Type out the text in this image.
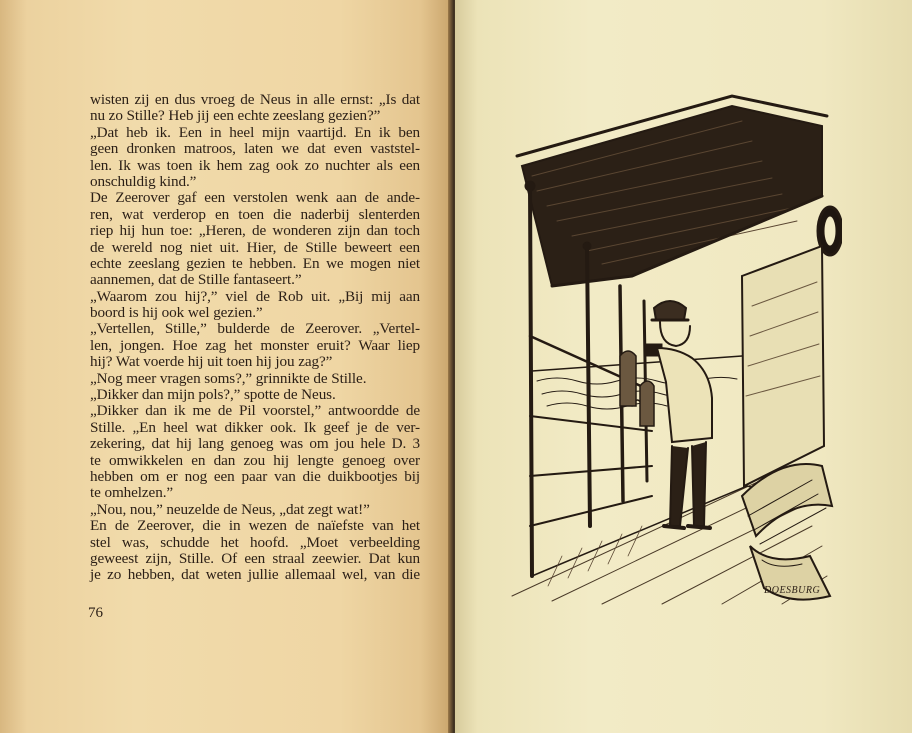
wisten zij en dus vroeg de Neus in alle ernst: „Is dat
nu zo Stille? Heb jij een echte zeeslang gezien?”
„Dat heb ik. Een in heel mijn vaartijd. En ik ben
geen dronken matroos, laten we dat even vaststel-
len. Ik was toen ik hem zag ook zo nuchter als een
onschuldig kind.”
De Zeerover gaf een verstolen wenk aan de ande-
ren, wat verderop en toen die naderbij slenterden
riep hij hun toe: „Heren, de wonderen zijn dan toch
de wereld nog niet uit. Hier, de Stille beweert een
echte zeeslang gezien te hebben. En we mogen niet
aannemen, dat de Stille fantaseert.”
„Waarom zou hij?,” viel de Rob uit. „Bij mij aan
boord is hij ook wel gezien.”
„Vertellen, Stille,” bulderde de Zeerover. „Vertel-
len, jongen. Hoe zag het monster eruit? Waar liep
hij? Wat voerde hij uit toen hij jou zag?”
„Nog meer vragen soms?,” grinnikte de Stille.
„Dikker dan mijn pols?,” spotte de Neus.
„Dikker dan ik me de Pil voorstel,” antwoordde de
Stille. „En heel wat dikker ook. Ik geef je de ver-
zekering, dat hij lang genoeg was om jou hele D. 3
te omwikkelen en dan zou hij lengte genoeg over
hebben om er nog een paar van die duikbootjes bij
te omhelzen.”
„Nou, nou,” neuzelde de Neus, „dat zegt wat!”
En de Zeerover, die in wezen de naïefste van het
stel was, schudde het hoofd. „Moet verbeelding
geweest zijn, Stille. Of een straal zeewier. Dat kun
je zo hebben, dat weten jullie allemaal wel, van die
76
DOESBURG
